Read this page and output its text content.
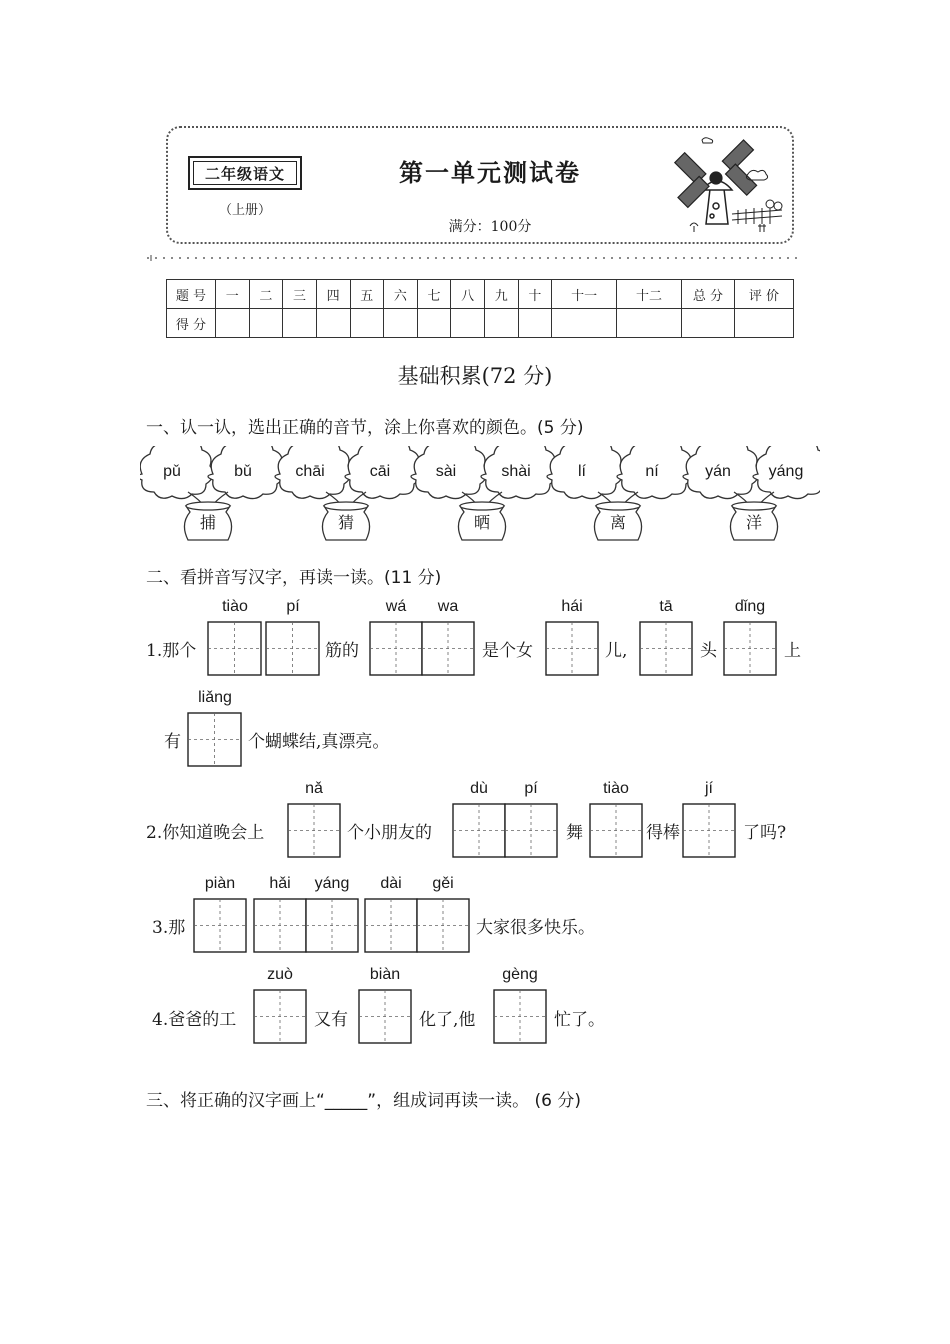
二年级语文
（上册）
第一单元测试卷
满分：100分
题 号	一	二	三	四	五	六	七	八	九	十	十一	十二	总 分	评 价
得 分														
基础积累(72 分)
一、认一认，选出正确的音节，涂上你喜欢的颜色。(5 分)
pǔ	bǔ
捕
chāi	cāi
猜
sài	shài
晒
lí	ní
离
yán	yáng
洋
二、看拼音写汉字，再读一读。(11 分)
1.那个
tiào	pí
筋的
wá	wa
是个女
hái
儿,
tā
头
dǐng
上
有
liǎng
个蝴蝶结,真漂亮。
2.你知道晚会上
nǎ
个小朋友的
dù	pí
舞
tiào
得棒
jí
了吗?
3.那
piàn	hǎi	yáng	dài	gěi
大家很多快乐。
4.爸爸的工
zuò
又有
biàn
化了,他
gèng
忙了。
三、将正确的汉字画上“_____”，组成词再读一读。 (6 分)
